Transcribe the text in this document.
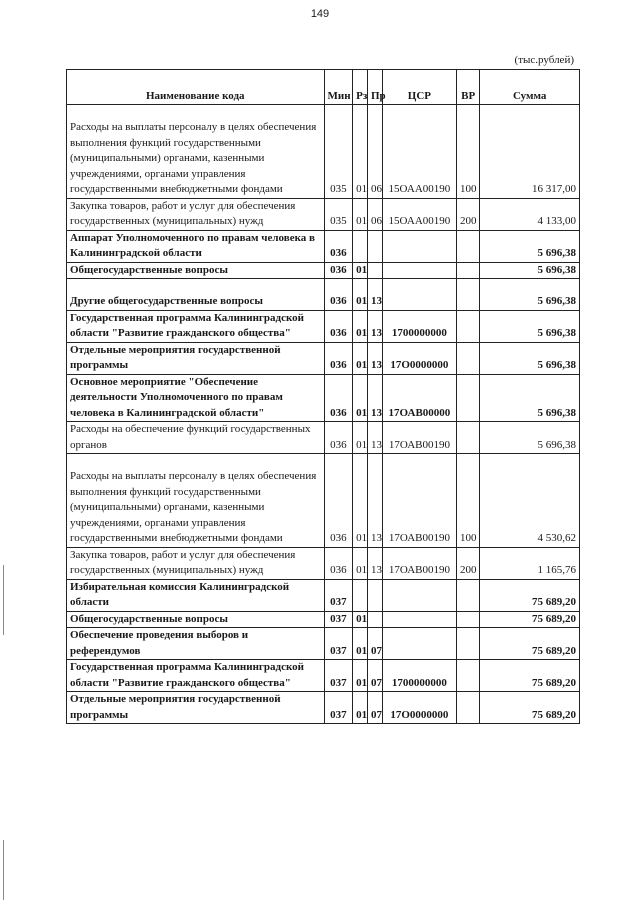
149
(тыс.рублей)
Наименование кода	Мин	Рз	Пр	ЦСР	ВР	Сумма
Расходы на выплаты персоналу в целях обеспечения выполнения функций государственными (муниципальными) органами, казенными учреждениями, органами управления государственными внебюджетными фондами	035	01	06	15ОАА00190	100	16 317,00
Закупка товаров, работ и услуг для обеспечения государственных (муниципальных) нужд	035	01	06	15ОАА00190	200	4 133,00
Аппарат Уполномоченного по правам человека в Калининградской области	036					5 696,38
Общегосударственные вопросы	036	01				5 696,38
Другие общегосударственные вопросы	036	01	13			5 696,38
Государственная программа Калининградской области "Развитие гражданского общества"	036	01	13	1700000000		5 696,38
Отдельные мероприятия государственной программы	036	01	13	17О0000000		5 696,38
Основное мероприятие "Обеспечение деятельности Уполномоченного по правам человека в Калининградской области"	036	01	13	17ОАВ00000		5 696,38
Расходы на обеспечение функций государственных органов	036	01	13	17ОАВ00190		5 696,38
Расходы на выплаты персоналу в целях обеспечения выполнения функций государственными (муниципальными) органами, казенными учреждениями, органами управления государственными внебюджетными фондами	036	01	13	17ОАВ00190	100	4 530,62
Закупка товаров, работ и услуг для обеспечения государственных (муниципальных) нужд	036	01	13	17ОАВ00190	200	1 165,76
Избирательная комиссия Калининградской области	037					75 689,20
Общегосударственные вопросы	037	01				75 689,20
Обеспечение проведения выборов и референдумов	037	01	07			75 689,20
Государственная программа Калининградской области "Развитие гражданского общества"	037	01	07	1700000000		75 689,20
Отдельные мероприятия государственной программы	037	01	07	17О0000000		75 689,20
